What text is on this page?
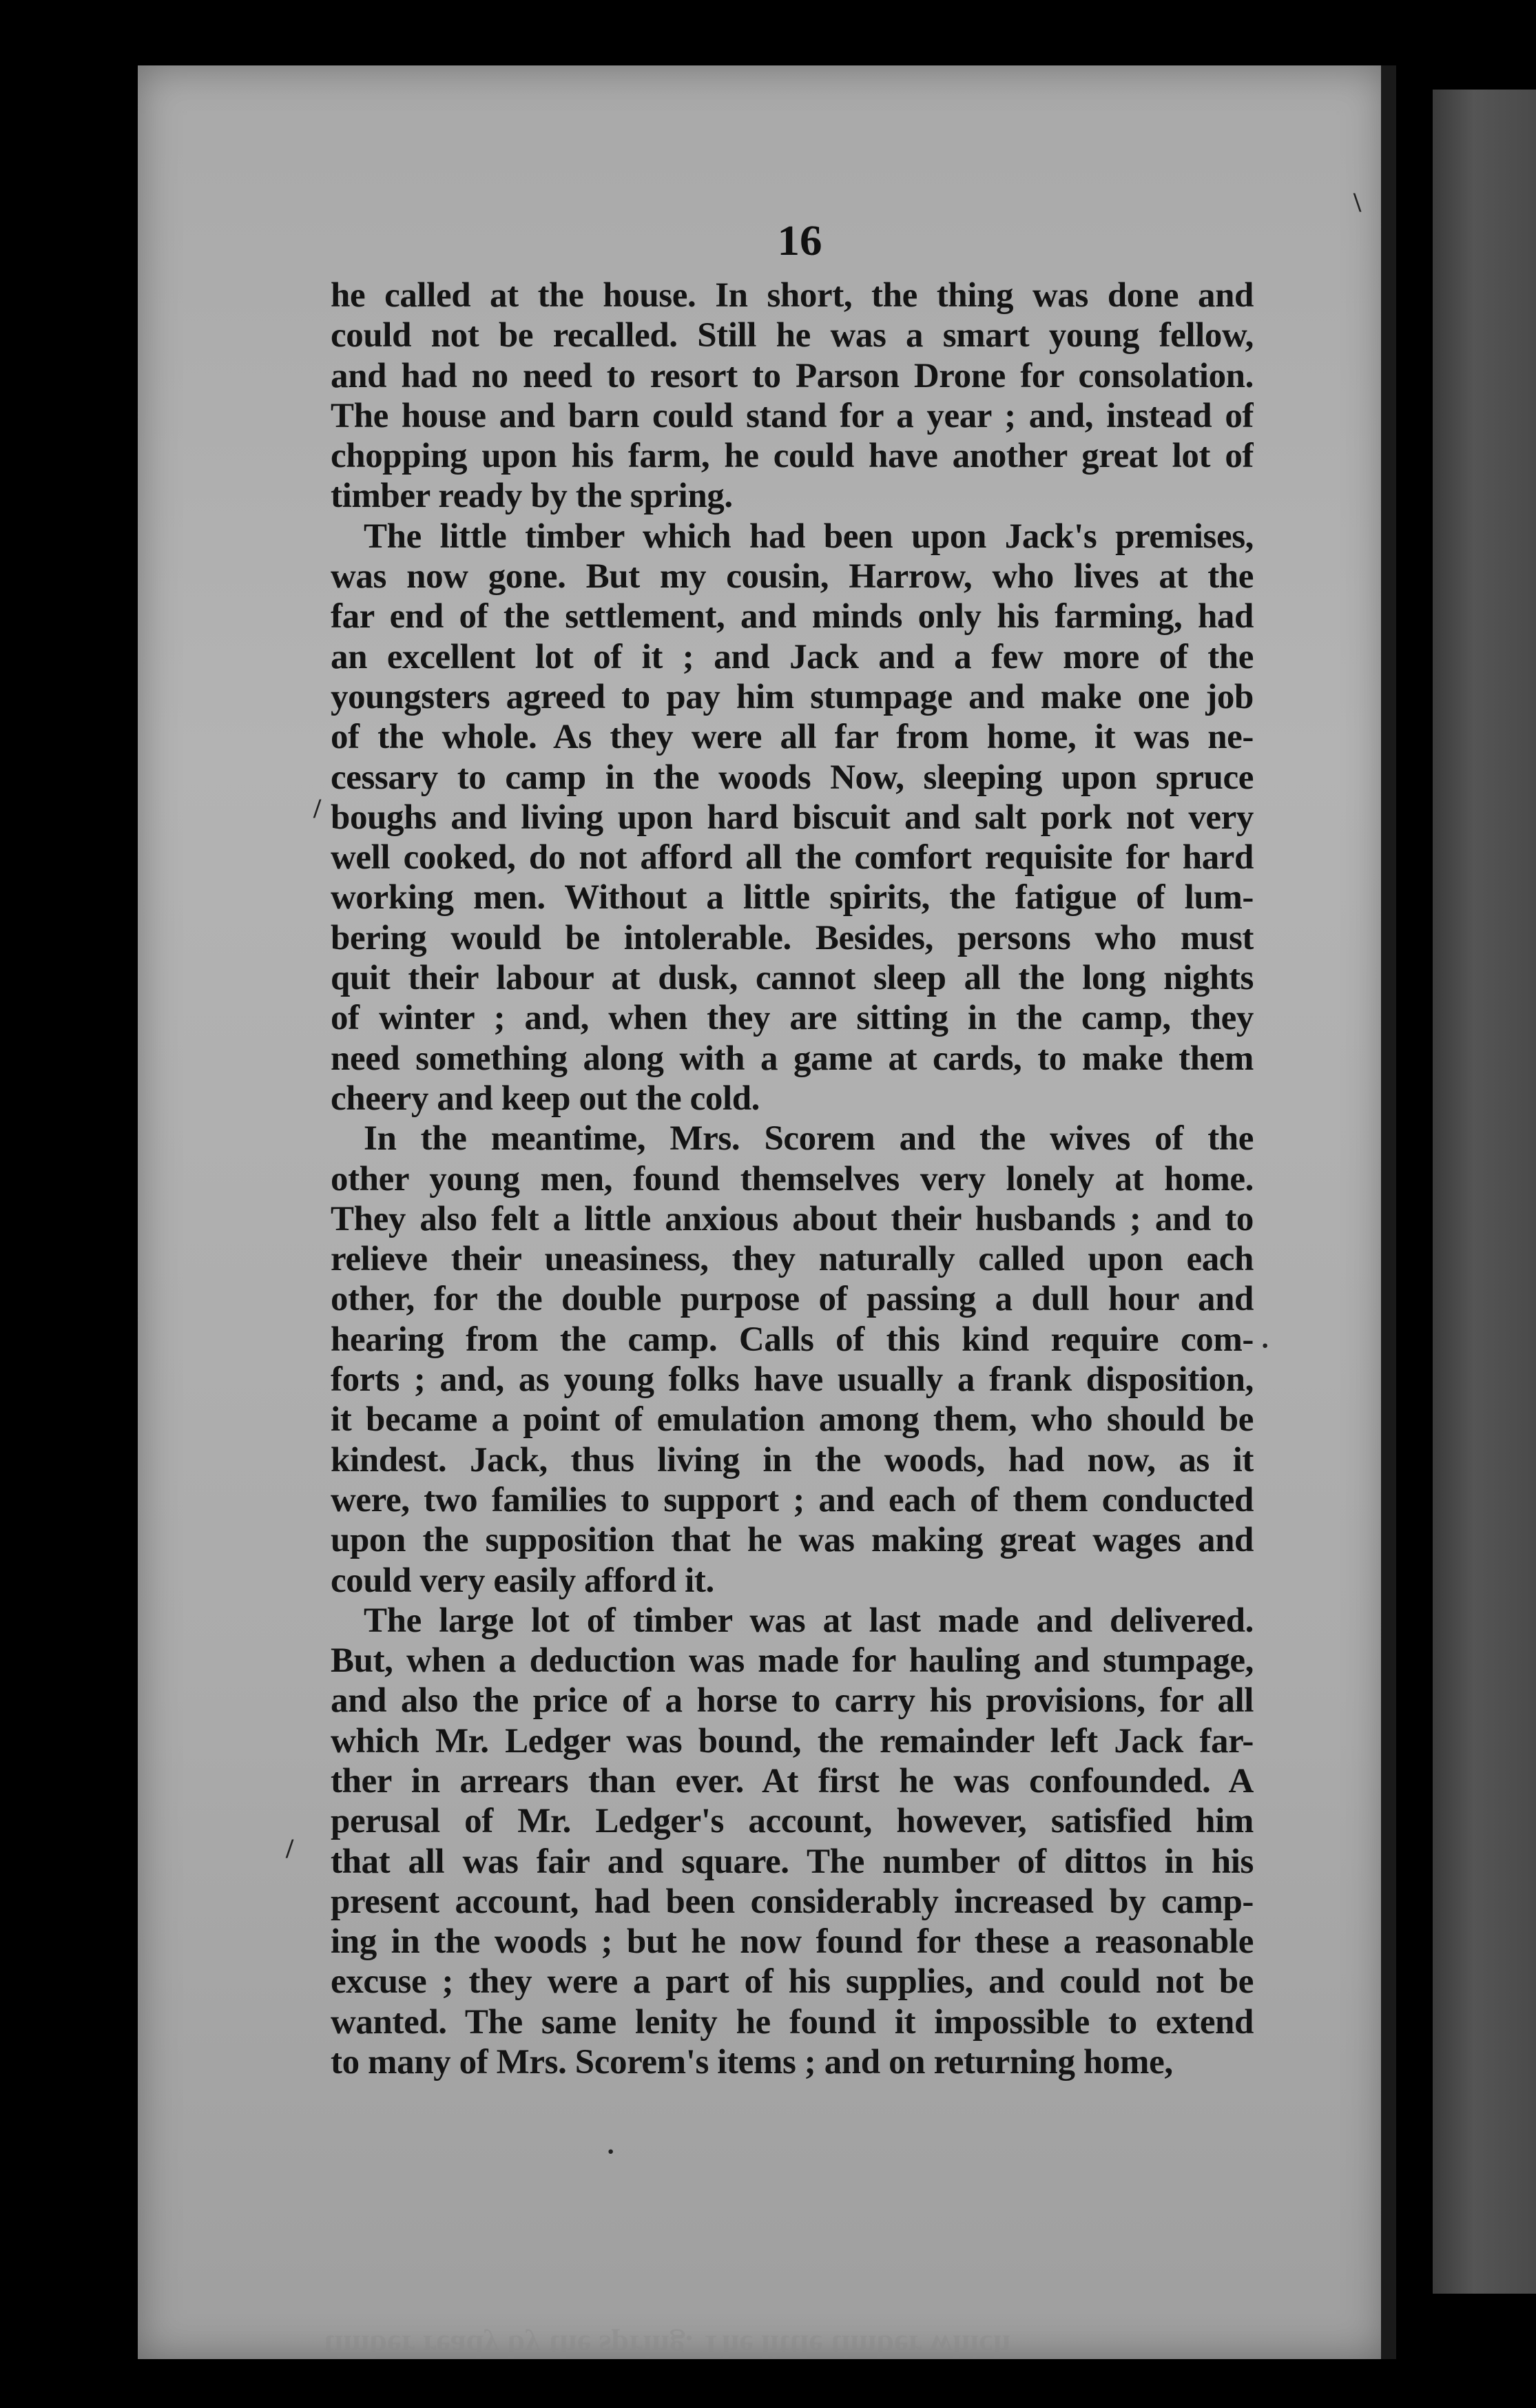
16
he called at the house. In short, the thing was done and
could not be recalled. Still he was a smart young fellow,
and had no need to resort to Parson Drone for consolation.
The house and barn could stand for a year ; and, instead of
chopping upon his farm, he could have another great lot of
timber ready by the spring.
The little timber which had been upon Jack's premises,
was now gone. But my cousin, Harrow, who lives at the
far end of the settlement, and minds only his farming, had
an excellent lot of it ; and Jack and a few more of the
youngsters agreed to pay him stumpage and make one job
of the whole. As they were all far from home, it was ne-
cessary to camp in the woods Now, sleeping upon spruce
boughs and living upon hard biscuit and salt pork not very
well cooked, do not afford all the comfort requisite for hard
working men. Without a little spirits, the fatigue of lum-
bering would be intolerable. Besides, persons who must
quit their labour at dusk, cannot sleep all the long nights
of winter ; and, when they are sitting in the camp, they
need something along with a game at cards, to make them
cheery and keep out the cold.
In the meantime, Mrs. Scorem and the wives of the
other young men, found themselves very lonely at home.
They also felt a little anxious about their husbands ; and to
relieve their uneasiness, they naturally called upon each
other, for the double purpose of passing a dull hour and
hearing from the camp. Calls of this kind require com-
forts ; and, as young folks have usually a frank disposition,
it became a point of emulation among them, who should be
kindest. Jack, thus living in the woods, had now, as it
were, two families to support ; and each of them conducted
upon the supposition that he was making great wages and
could very easily afford it.
The large lot of timber was at last made and delivered.
But, when a deduction was made for hauling and stumpage,
and also the price of a horse to carry his provisions, for all
which Mr. Ledger was bound, the remainder left Jack far-
ther in arrears than ever. At first he was confounded. A
perusal of Mr. Ledger's account, however, satisfied him
that all was fair and square. The number of dittos in his
present account, had been considerably increased by camp-
ing in the woods ; but he now found for these a reasonable
excuse ; they were a part of his supplies, and could not be
wanted. The same lenity he found it impossible to extend
to many of Mrs. Scorem's items ; and on returning home,
timber ready by the spring. The little timber which
/
·
/
\
·
